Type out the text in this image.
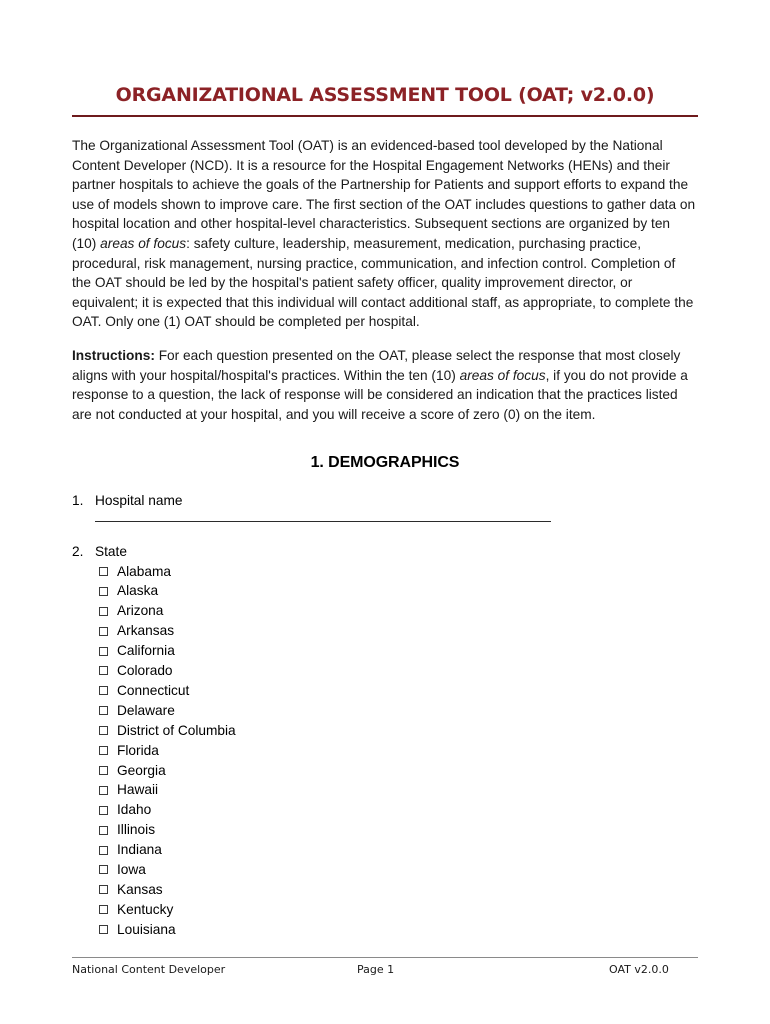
ORGANIZATIONAL ASSESSMENT TOOL (OAT; v2.0.0)
The Organizational Assessment Tool (OAT) is an evidenced-based tool developed by the National Content Developer (NCD). It is a resource for the Hospital Engagement Networks (HENs) and their partner hospitals to achieve the goals of the Partnership for Patients and support efforts to expand the use of models shown to improve care. The first section of the OAT includes questions to gather data on hospital location and other hospital-level characteristics. Subsequent sections are organized by ten (10) areas of focus: safety culture, leadership, measurement, medication, purchasing practice, procedural, risk management, nursing practice, communication, and infection control. Completion of the OAT should be led by the hospital's patient safety officer, quality improvement director, or equivalent; it is expected that this individual will contact additional staff, as appropriate, to complete the OAT. Only one (1) OAT should be completed per hospital.
Instructions: For each question presented on the OAT, please select the response that most closely aligns with your hospital/hospital's practices. Within the ten (10) areas of focus, if you do not provide a response to a question, the lack of response will be considered an indication that the practices listed are not conducted at your hospital, and you will receive a score of zero (0) on the item.
1. DEMOGRAPHICS
1. Hospital name
2. State
Alabama
Alaska
Arizona
Arkansas
California
Colorado
Connecticut
Delaware
District of Columbia
Florida
Georgia
Hawaii
Idaho
Illinois
Indiana
Iowa
Kansas
Kentucky
Louisiana
National Content Developer	Page 1	OAT v2.0.0
